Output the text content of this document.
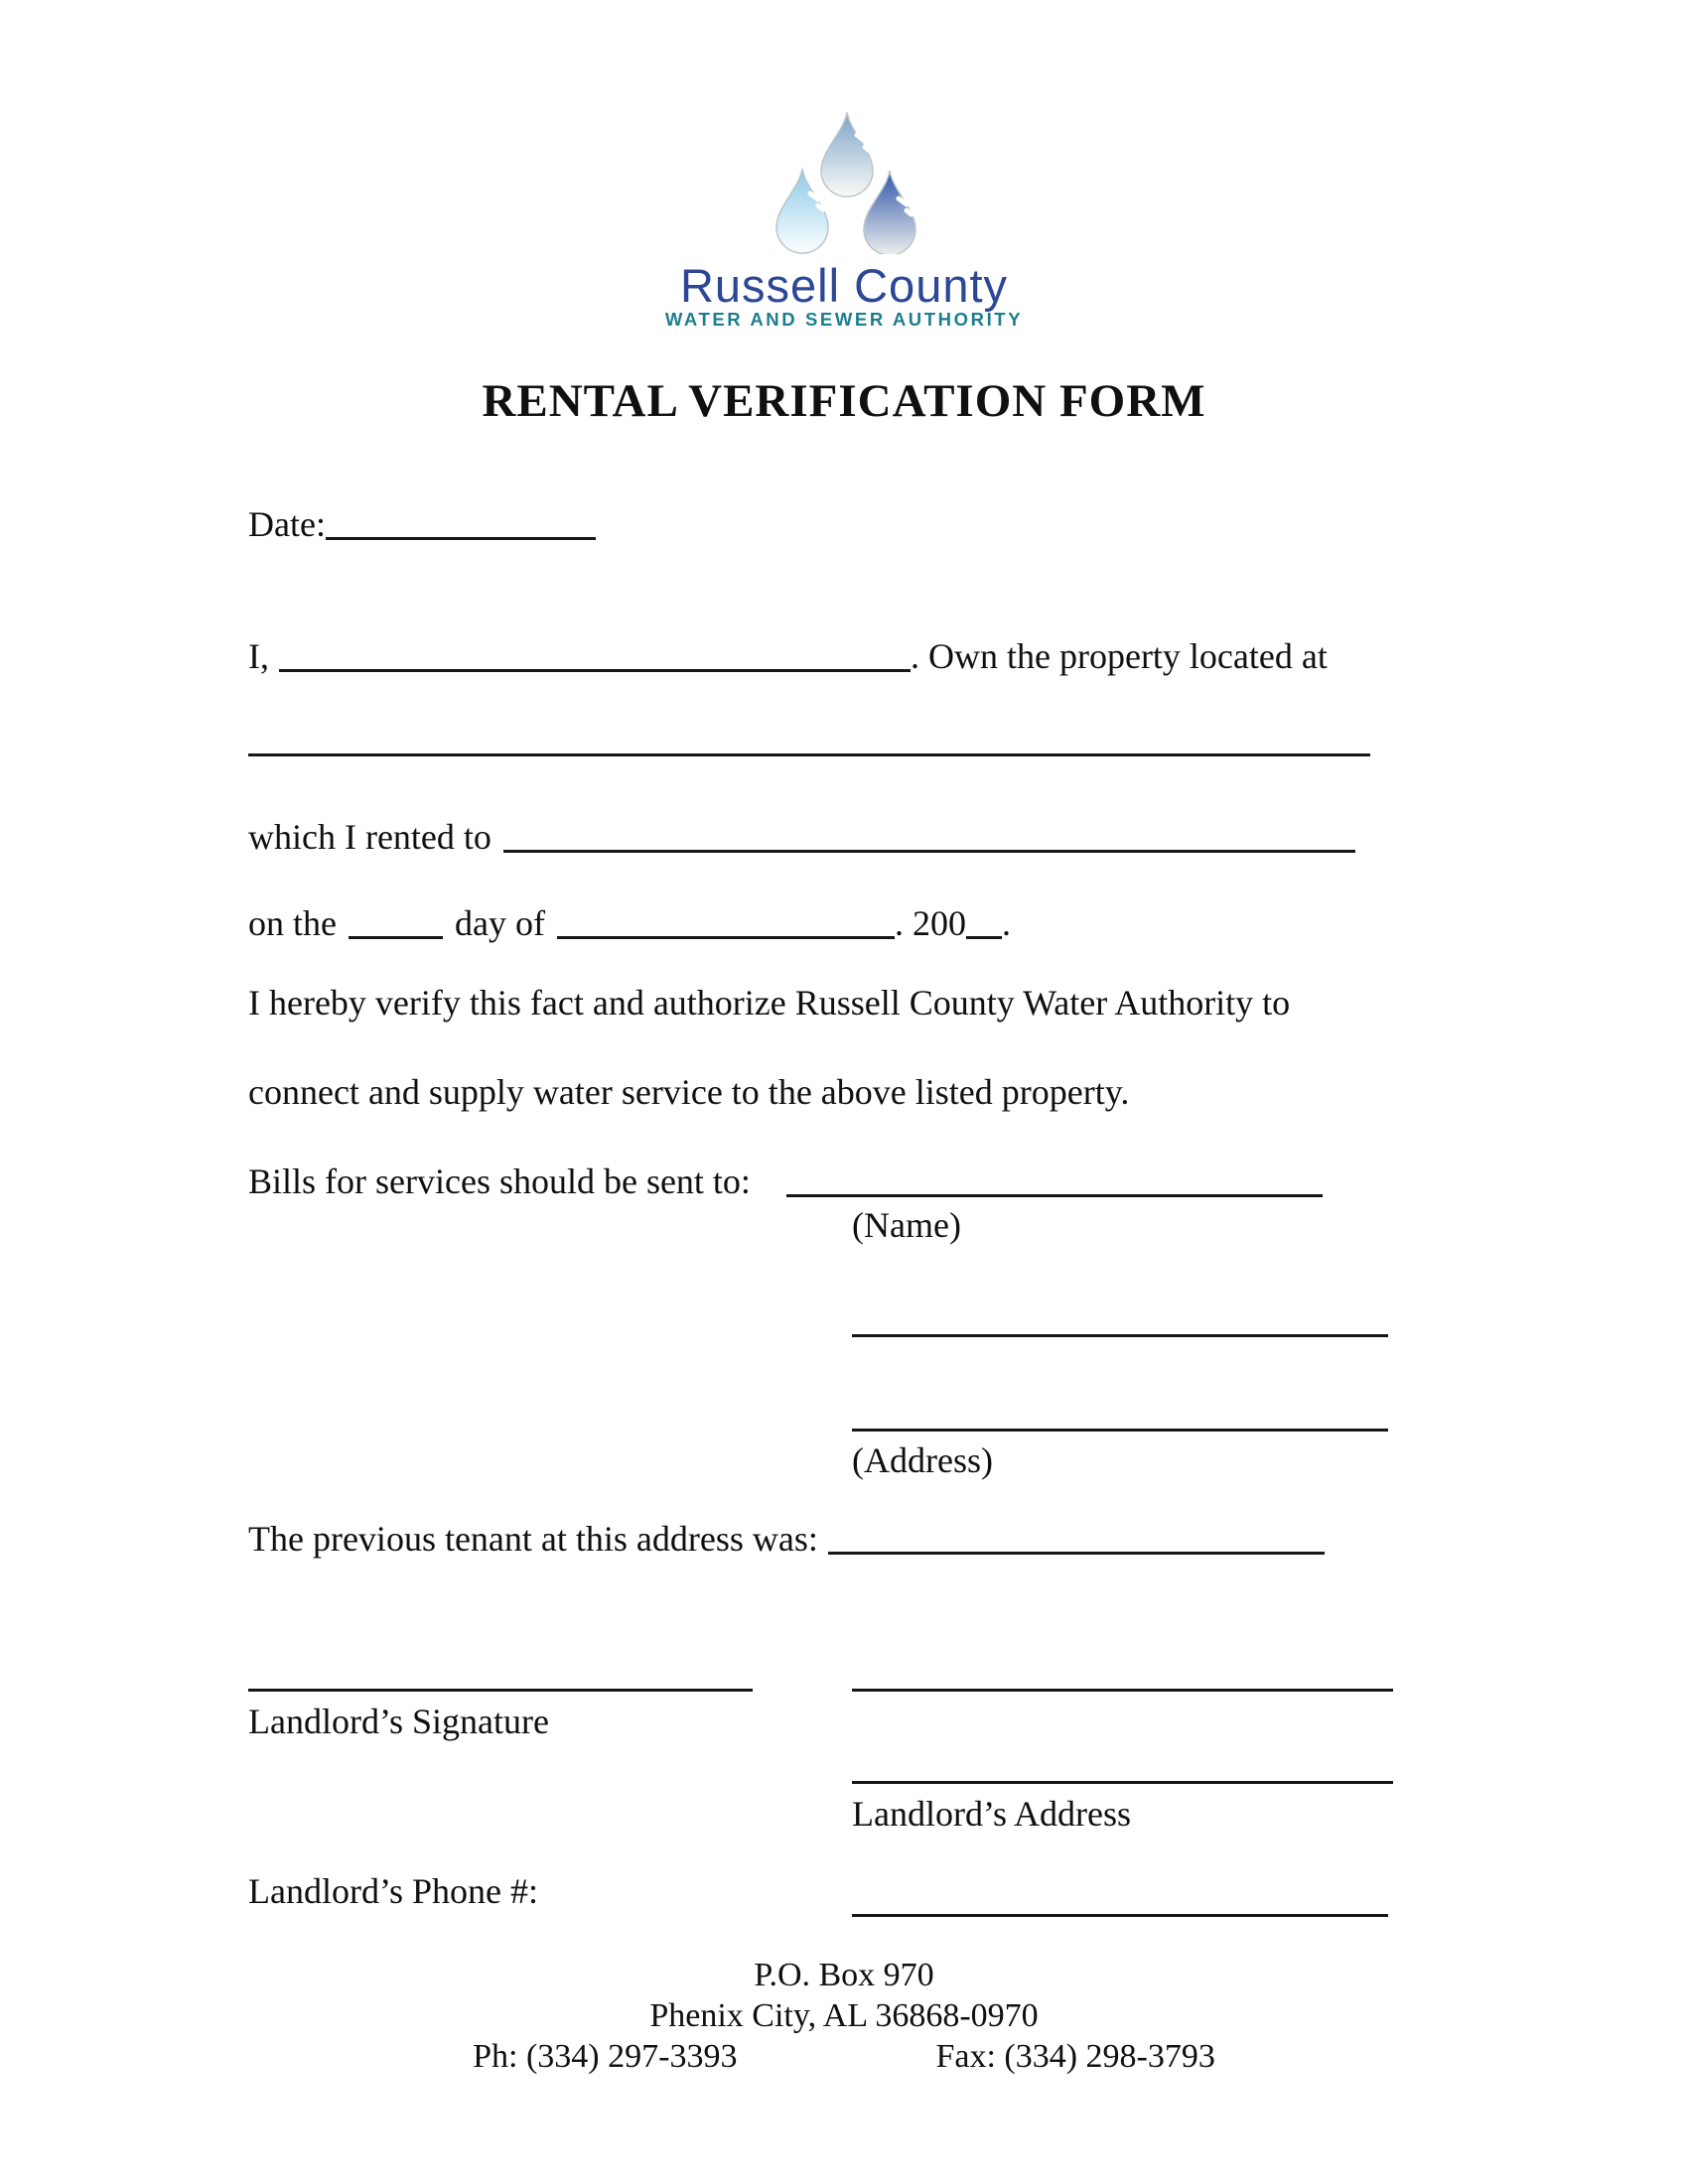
Russell County
WATER AND SEWER AUTHORITY
RENTAL VERIFICATION FORM
Date:
I,	. Own the property located at
which I rented to
on the	day of	. 200 .
I hereby verify this fact and authorize Russell County Water Authority to
connect and supply water service to the above listed property.
Bills for services should be sent to:
(Name)
(Address)
The previous tenant at this address was:
Landlord’s Signature
Landlord’s Address
Landlord’s Phone #:
P.O. Box 970
Phenix City, AL 36868-0970
Ph: (334) 297-3393	Fax: (334) 298-3793
